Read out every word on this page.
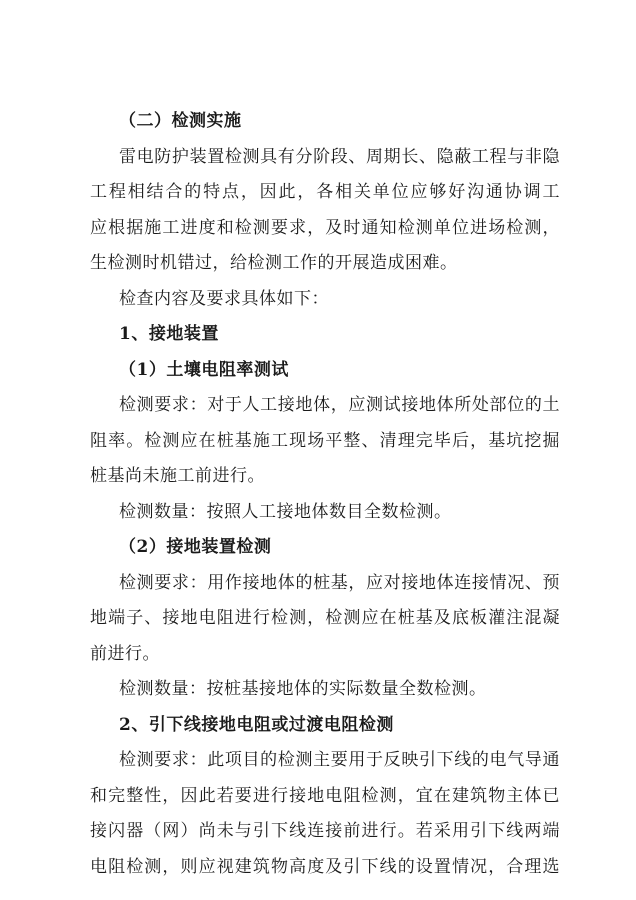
（二）检测实施
雷电防护装置检测具有分阶段、周期长、隐蔽工程与非隐
工程相结合的特点，因此，各相关单位应够好沟通协调工
应根据施工进度和检测要求，及时通知检测单位进场检测，
生检测时机错过，给检测工作的开展造成困难。
检查内容及要求具体如下：
1、接地装置
（1）土壤电阻率测试
检测要求：对于人工接地体，应测试接地体所处部位的土
阻率。检测应在桩基施工现场平整、清理完毕后，基坑挖掘
桩基尚未施工前进行。
检测数量：按照人工接地体数目全数检测。
（2）接地装置检测
检测要求：用作接地体的桩基，应对接地体连接情况、预
地端子、接地电阻进行检测，检测应在桩基及底板灌注混凝
前进行。
检测数量：按桩基接地体的实际数量全数检测。
2、引下线接地电阻或过渡电阻检测
检测要求：此项目的检测主要用于反映引下线的电气导通
和完整性，因此若要进行接地电阻检测，宜在建筑物主体已
接闪器（网）尚未与引下线连接前进行。若采用引下线两端
电阻检测，则应视建筑物高度及引下线的设置情况，合理选
